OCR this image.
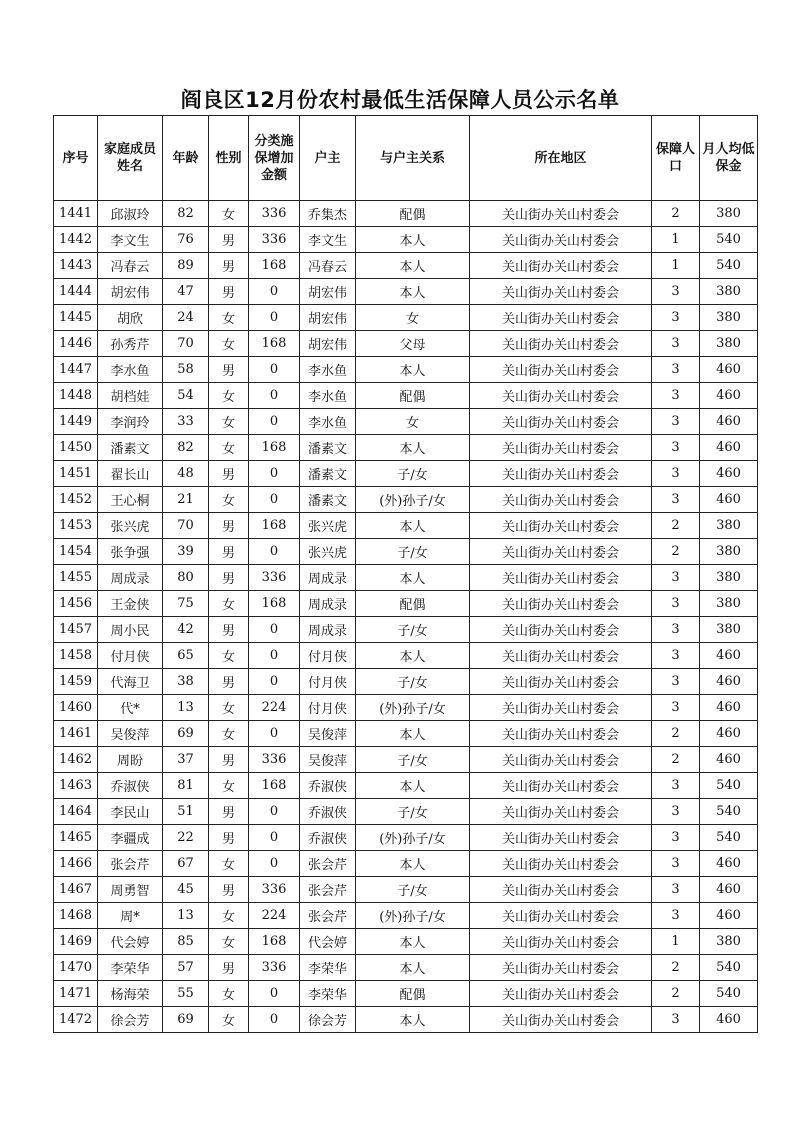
阎良区12月份农村最低生活保障人员公示名单
序号	家庭成员姓名	年龄	性别	分类施保增加金额	户主	与户主关系	所在地区	保障人口	月人均低保金
1441	邱淑玲	82	女	336	乔集杰	配偶	关山街办关山村委会	2	380
1442	李文生	76	男	336	李文生	本人	关山街办关山村委会	1	540
1443	冯春云	89	男	168	冯春云	本人	关山街办关山村委会	1	540
1444	胡宏伟	47	男	0	胡宏伟	本人	关山街办关山村委会	3	380
1445	胡欣	24	女	0	胡宏伟	女	关山街办关山村委会	3	380
1446	孙秀芹	70	女	168	胡宏伟	父母	关山街办关山村委会	3	380
1447	李水鱼	58	男	0	李水鱼	本人	关山街办关山村委会	3	460
1448	胡档娃	54	女	0	李水鱼	配偶	关山街办关山村委会	3	460
1449	李润玲	33	女	0	李水鱼	女	关山街办关山村委会	3	460
1450	潘素文	82	女	168	潘素文	本人	关山街办关山村委会	3	460
1451	翟长山	48	男	0	潘素文	子/女	关山街办关山村委会	3	460
1452	王心桐	21	女	0	潘素文	(外)孙子/女	关山街办关山村委会	3	460
1453	张兴虎	70	男	168	张兴虎	本人	关山街办关山村委会	2	380
1454	张争强	39	男	0	张兴虎	子/女	关山街办关山村委会	2	380
1455	周成录	80	男	336	周成录	本人	关山街办关山村委会	3	380
1456	王金侠	75	女	168	周成录	配偶	关山街办关山村委会	3	380
1457	周小民	42	男	0	周成录	子/女	关山街办关山村委会	3	380
1458	付月侠	65	女	0	付月侠	本人	关山街办关山村委会	3	460
1459	代海卫	38	男	0	付月侠	子/女	关山街办关山村委会	3	460
1460	代*	13	女	224	付月侠	(外)孙子/女	关山街办关山村委会	3	460
1461	吴俊萍	69	女	0	吴俊萍	本人	关山街办关山村委会	2	460
1462	周盼	37	男	336	吴俊萍	子/女	关山街办关山村委会	2	460
1463	乔淑侠	81	女	168	乔淑侠	本人	关山街办关山村委会	3	540
1464	李民山	51	男	0	乔淑侠	子/女	关山街办关山村委会	3	540
1465	李疆成	22	男	0	乔淑侠	(外)孙子/女	关山街办关山村委会	3	540
1466	张会芹	67	女	0	张会芹	本人	关山街办关山村委会	3	460
1467	周勇智	45	男	336	张会芹	子/女	关山街办关山村委会	3	460
1468	周*	13	女	224	张会芹	(外)孙子/女	关山街办关山村委会	3	460
1469	代会婷	85	女	168	代会婷	本人	关山街办关山村委会	1	380
1470	李荣华	57	男	336	李荣华	本人	关山街办关山村委会	2	540
1471	杨海荣	55	女	0	李荣华	配偶	关山街办关山村委会	2	540
1472	徐会芳	69	女	0	徐会芳	本人	关山街办关山村委会	3	460
